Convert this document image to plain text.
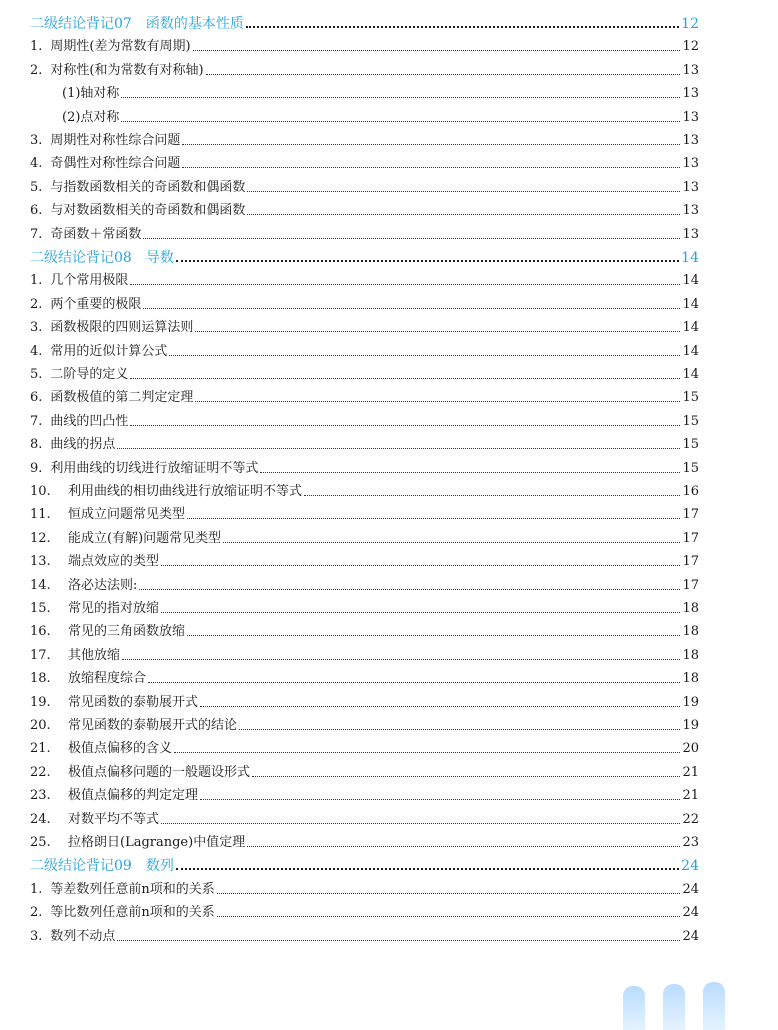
二级结论背记07　函数的基本性质	12
1. 周期性(差为常数有周期)	12
2. 对称性(和为常数有对称轴)	13
(1)轴对称	13
(2)点对称	13
3. 周期性对称性综合问题	13
4. 奇偶性对称性综合问题	13
5. 与指数函数相关的奇函数和偶函数	13
6. 与对数函数相关的奇函数和偶函数	13
7. 奇函数＋常函数	13
二级结论背记08　导数	14
1. 几个常用极限	14
2. 两个重要的极限	14
3. 函数极限的四则运算法则	14
4. 常用的近似计算公式	14
5. 二阶导的定义	14
6. 函数极值的第二判定定理	15
7. 曲线的凹凸性	15
8. 曲线的拐点	15
9. 利用曲线的切线进行放缩证明不等式	15
10.	利用曲线的相切曲线进行放缩证明不等式	16
11.	恒成立问题常见类型	17
12.	能成立(有解)问题常见类型	17
13.	端点效应的类型	17
14.	洛必达法则:	17
15.	常见的指对放缩	18
16.	常见的三角函数放缩	18
17.	其他放缩	18
18.	放缩程度综合	18
19.	常见函数的泰勒展开式	19
20.	常见函数的泰勒展开式的结论	19
21.	极值点偏移的含义	20
22.	极值点偏移问题的一般题设形式	21
23.	极值点偏移的判定定理	21
24.	对数平均不等式	22
25.	拉格朗日(Lagrange)中值定理	23
二级结论背记09　数列	24
1. 等差数列任意前n项和的关系	24
2. 等比数列任意前n项和的关系	24
3. 数列不动点	24
